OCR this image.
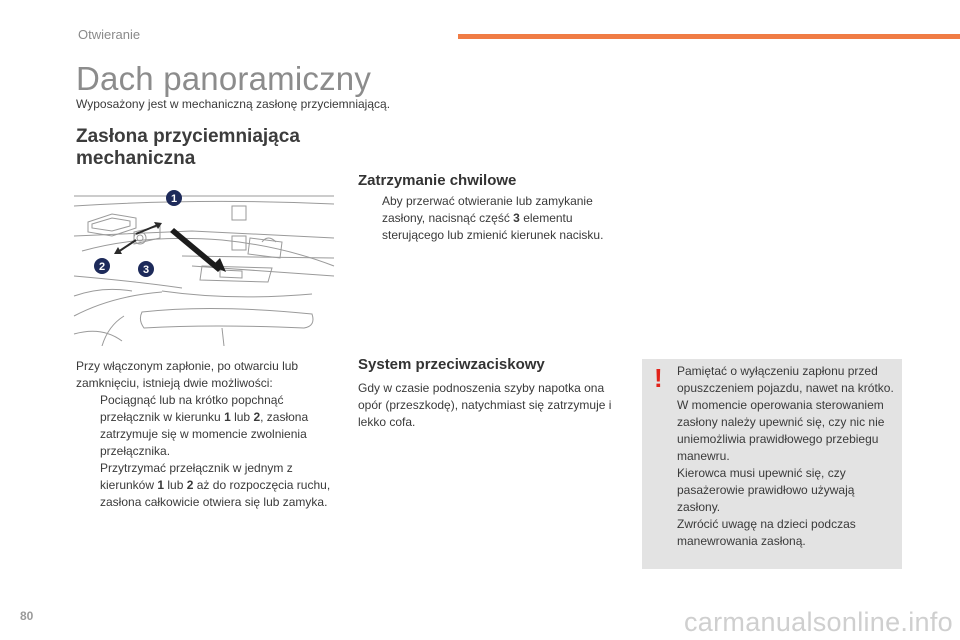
Otwieranie
Dach panoramiczny
Wyposażony jest w mechaniczną zasłonę przyciemniającą.
Zasłona przyciemniająca mechaniczna
1
2	3
Zatrzymanie chwilowe
Aby przerwać otwieranie lub zamykanie zasłony, nacisnąć część 3 elementu sterującego lub zmienić kierunek nacisku.
Przy włączonym zapłonie, po otwarciu lub zamknięciu, istnieją dwie możliwości:
Pociągnąć lub na krótko popchnąć przełącznik w kierunku 1 lub 2, zasłona zatrzymuje się w momencie zwolnienia przełącznika.
Przytrzymać przełącznik w jednym z kierunków 1 lub 2 aż do rozpoczęcia ruchu, zasłona całkowicie otwiera się lub zamyka.
System przeciwzaciskowy
Gdy w czasie podnoszenia szyby napotka ona opór (przeszkodę), natychmiast się zatrzymuje i lekko cofa.
! Pamiętać o wyłączeniu zapłonu przed opuszczeniem pojazdu, nawet na krótko.

W momencie operowania sterowaniem zasłony należy upewnić się, czy nic nie uniemożliwia prawidłowego przebiegu manewru.

Kierowca musi upewnić się, czy pasażerowie prawidłowo używają zasłony.

Zwrócić uwagę na dzieci podczas manewrowania zasłoną.

80	carmanualsonline.info
